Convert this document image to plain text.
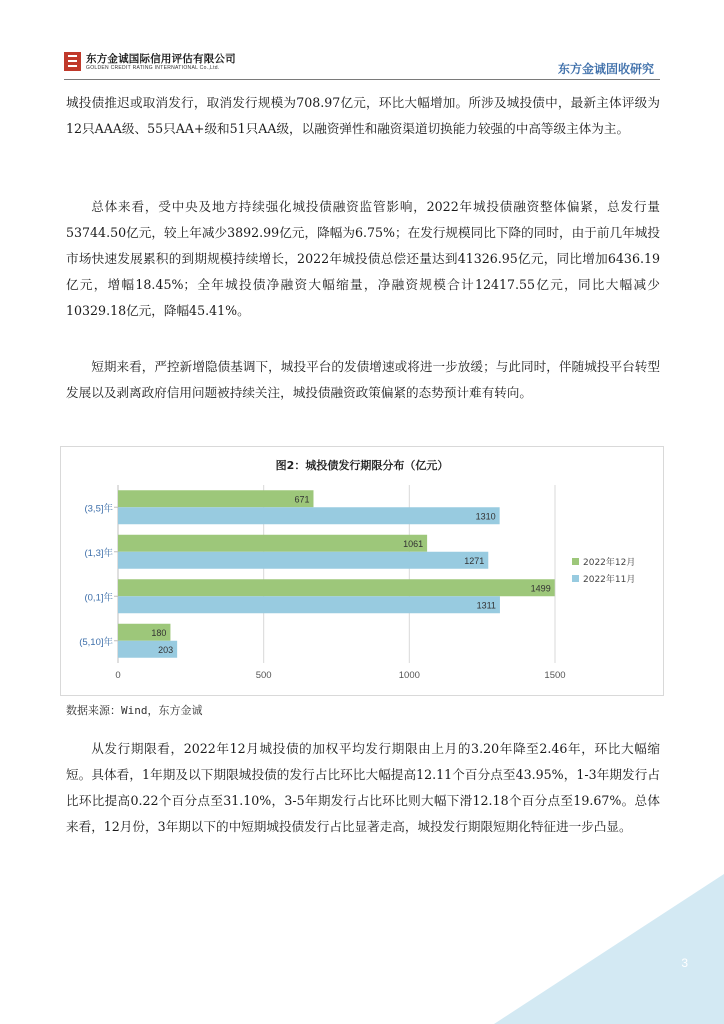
东方金诚国际信用评估有限公司
GOLDEN CREDIT RATING INTERNATIONAL Co.,Ltd.	东方金诚固收研究

城投债推迟或取消发行，取消发行规模为708.97亿元，环比大幅增加。所涉及城投债中，最新主体评级为12只AAA级、55只AA+级和51只AA级，以融资弹性和融资渠道切换能力较强的中高等级主体为主。

总体来看，受中央及地方持续强化城投债融资监管影响，2022年城投债融资整体偏紧，总发行量53744.50亿元，较上年减少3892.99亿元，降幅为6.75%；在发行规模同比下降的同时，由于前几年城投市场快速发展累积的到期规模持续增长，2022年城投债总偿还量达到41326.95亿元，同比增加6436.19亿元，增幅18.45%；全年城投债净融资大幅缩量，净融资规模合计12417.55亿元，同比大幅减少10329.18亿元，降幅45.41%。

短期来看，严控新增隐债基调下，城投平台的发债增速或将进一步放缓；与此同时，伴随城投平台转型发展以及剥离政府信用问题被持续关注，城投债融资政策偏紧的态势预计难有转向。

图2：城投债发行期限分布（亿元）
0	500	1000	1500
(3,5]年
(1,3]年
(0,1]年
(5,10]年
671
1310
1061
1271
1499
1311
180
203
2022年12月
2022年11月
数据来源：Wind，东方金诚

从发行期限看，2022年12月城投债的加权平均发行期限由上月的3.20年降至2.46年，环比大幅缩短。具体看，1年期及以下期限城投债的发行占比环比大幅提高12.11个百分点至43.95%，1-3年期发行占比环比提高0.22个百分点至31.10%，3-5年期发行占比环比则大幅下滑12.18个百分点至19.67%。总体来看，12月份，3年期以下的中短期城投债发行占比显著走高，城投发行期限短期化特征进一步凸显。

3
